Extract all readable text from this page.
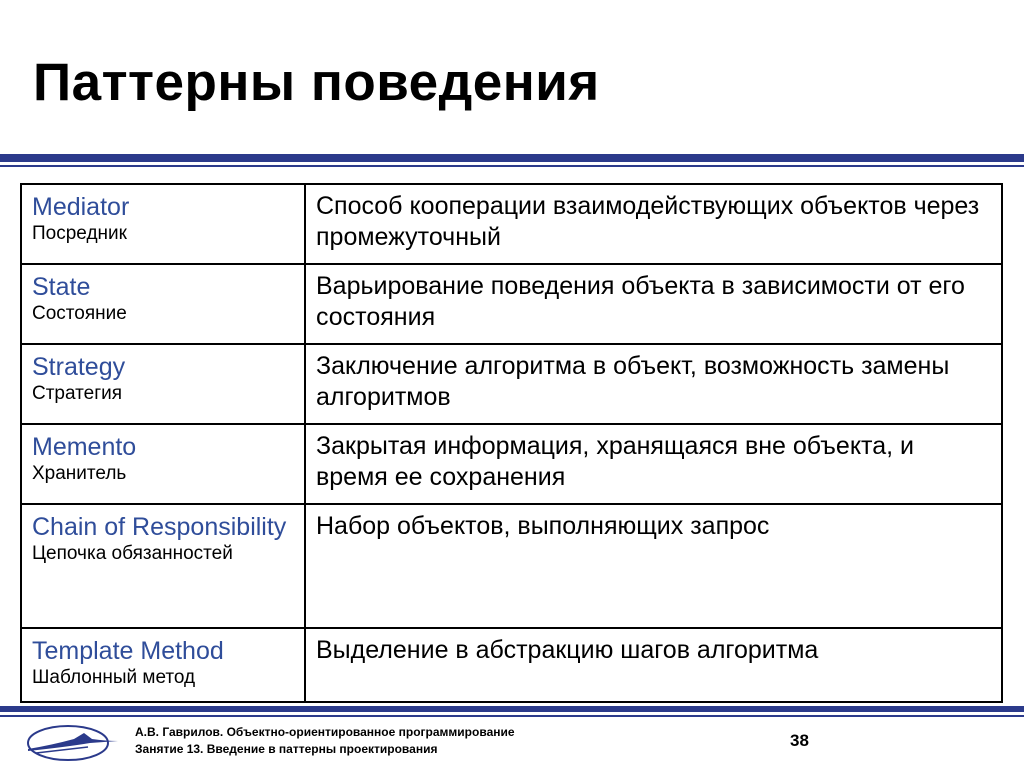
Паттерны поведения
Mediator
Посредник	Способ кооперации взаимодействующих объектов через промежуточный

State
Состояние	Варьирование поведения объекта в зависимости от его состояния

Strategy
Стратегия	Заключение алгоритма в объект, возможность замены алгоритмов

Memento
Хранитель	Закрытая информация, хранящаяся вне объекта, и время ее сохранения

Chain of Responsibility
Цепочка обязанностей	Набор объектов, выполняющих запрос

Template Method
Шаблонный метод	Выделение в абстракцию шагов алгоритма
А.В. Гаврилов. Объектно-ориентированное программирование
Занятие 13. Введение в паттерны проектирования	38
